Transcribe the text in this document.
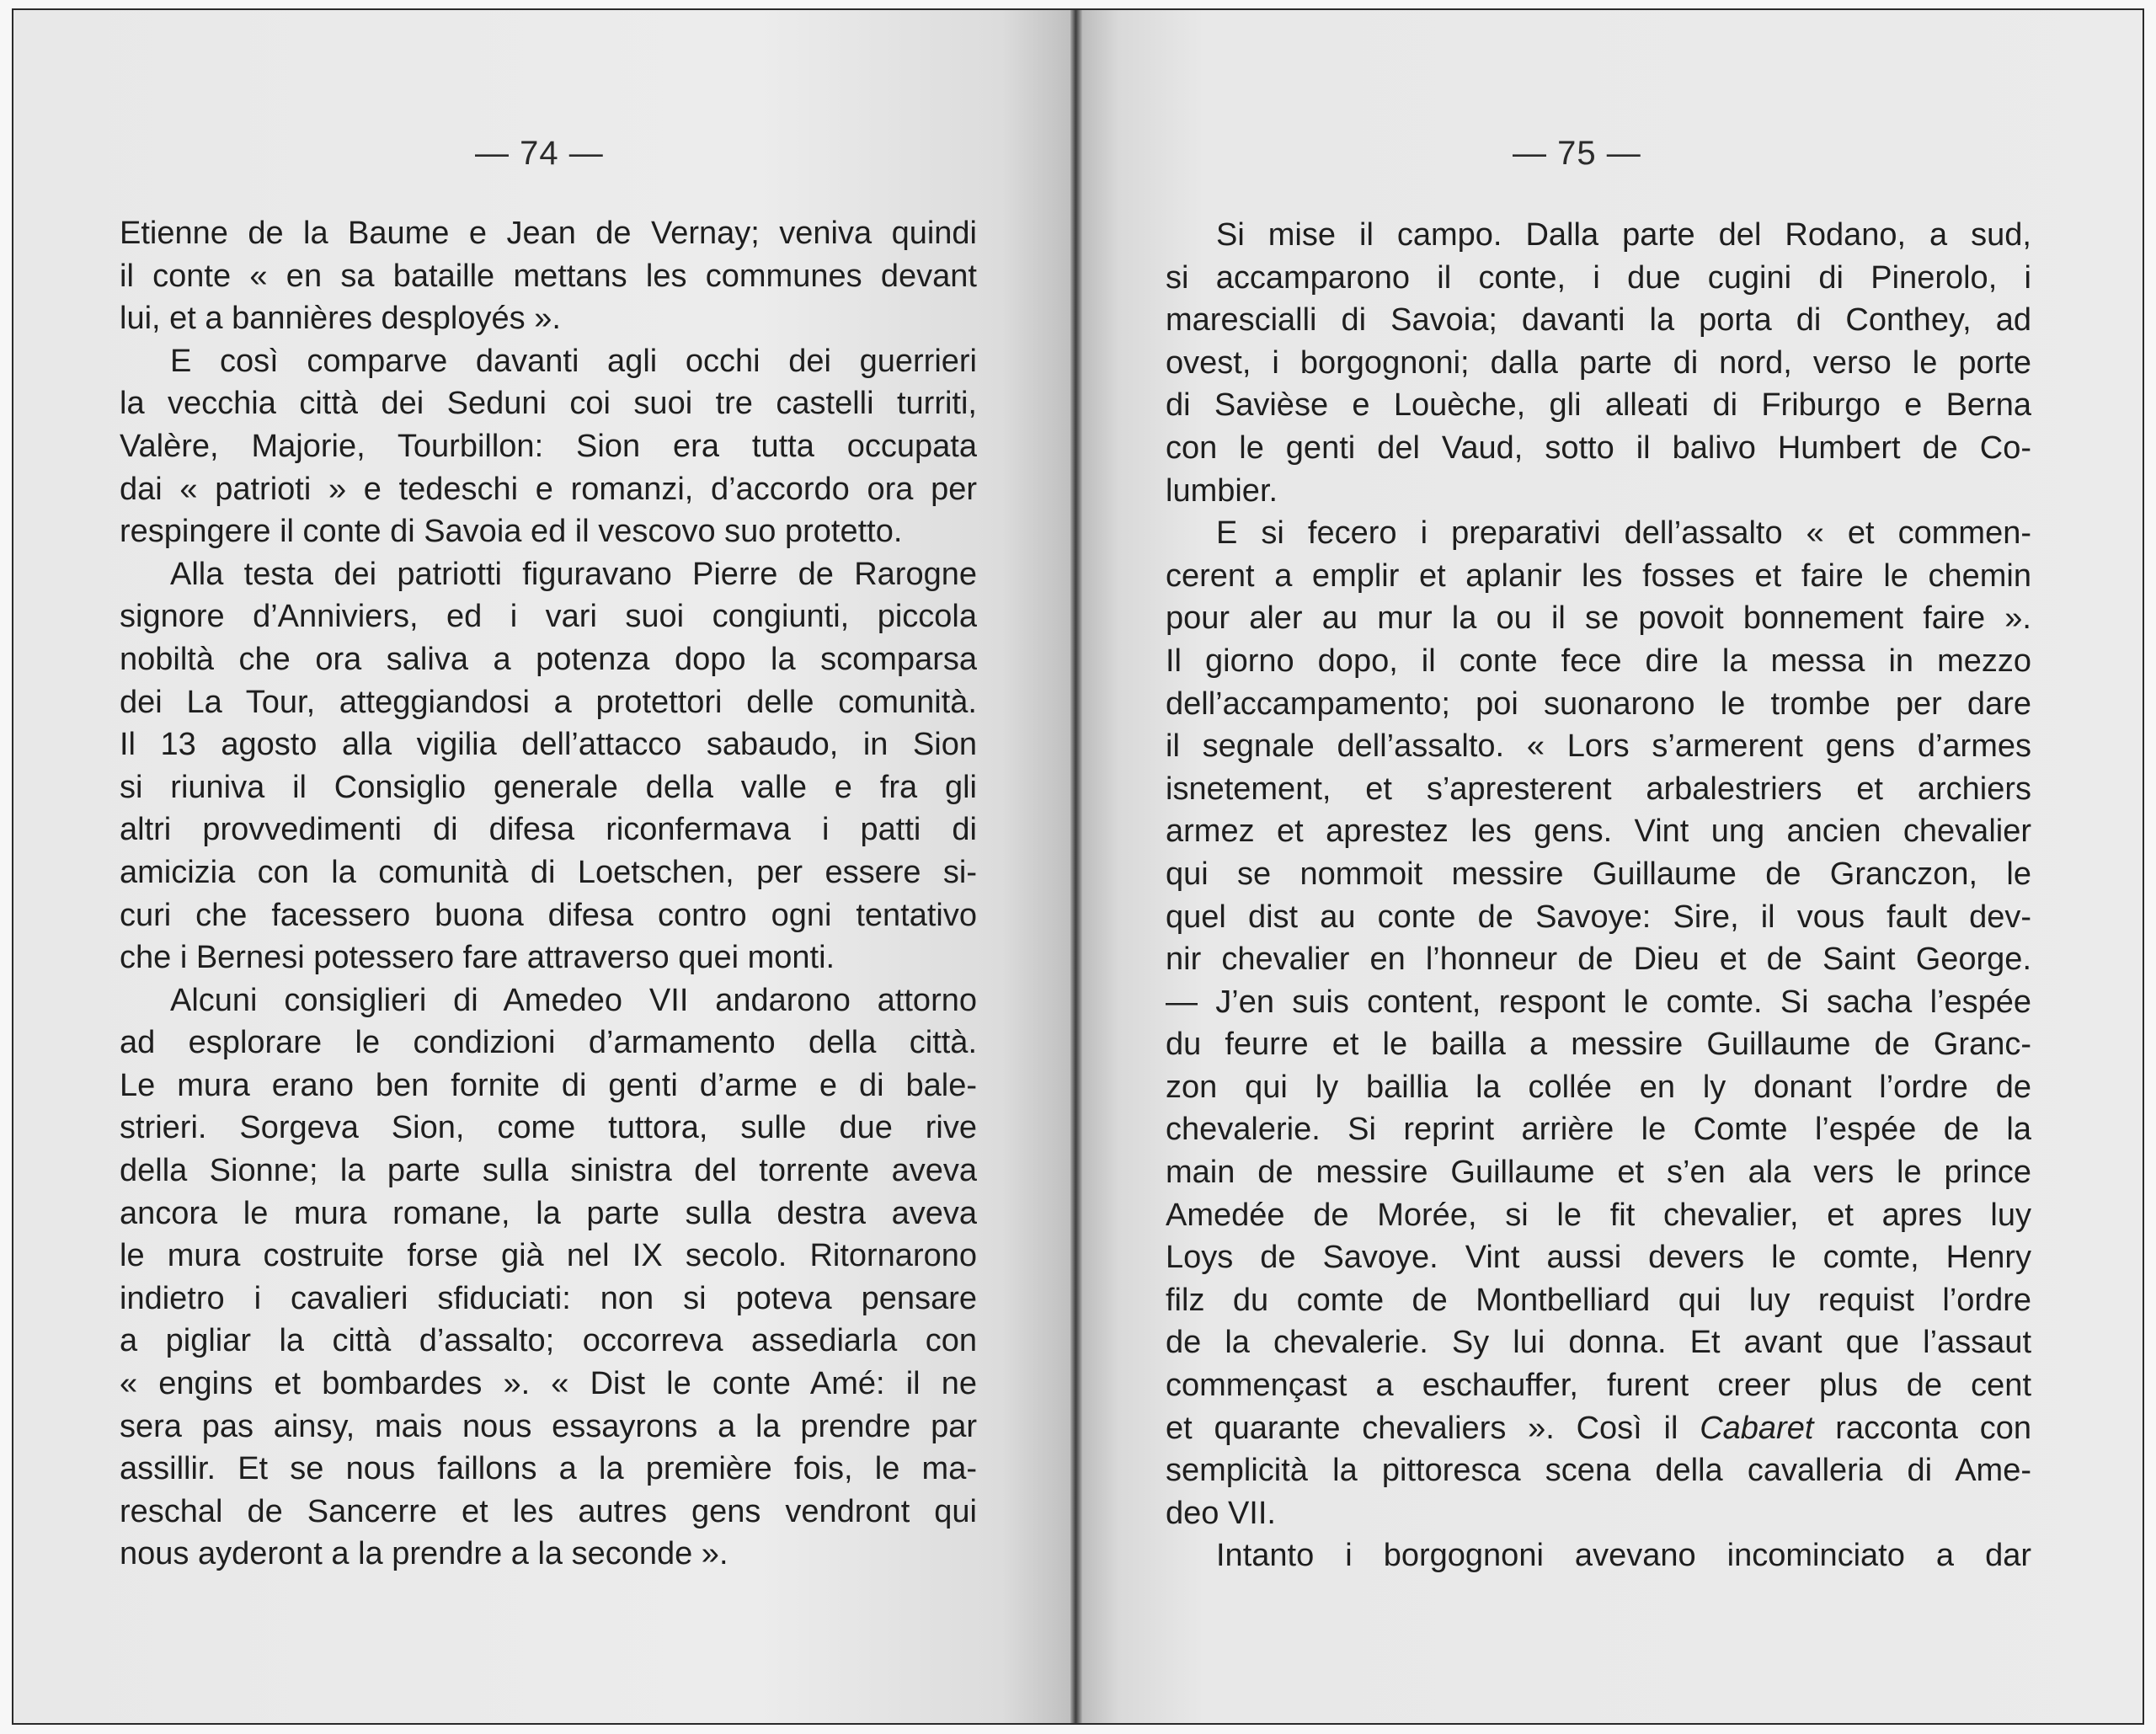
— 74 —
Etienne de la Baume e Jean de Vernay; veniva quindi
il conte « en sa bataille mettans les communes devant
lui, et a bannières desployés ».
E così comparve davanti agli occhi dei guerrieri
la vecchia città dei Seduni coi suoi tre castelli turriti,
Valère, Majorie, Tourbillon: Sion era tutta occupata
dai « patrioti » e tedeschi e romanzi, d’accordo ora per
respingere il conte di Savoia ed il vescovo suo protetto.
Alla testa dei patriotti figuravano Pierre de Rarogne
signore d’Anniviers, ed i vari suoi congiunti, piccola
nobiltà che ora saliva a potenza dopo la scomparsa
dei La Tour, atteggiandosi a protettori delle comunità.
Il 13 agosto alla vigilia dell’attacco sabaudo, in Sion
si riuniva il Consiglio generale della valle e fra gli
altri provvedimenti di difesa riconfermava i patti di
amicizia con la comunità di Loetschen, per essere si-
curi che facessero buona difesa contro ogni tentativo
che i Bernesi potessero fare attraverso quei monti.
Alcuni consiglieri di Amedeo VII andarono attorno
ad esplorare le condizioni d’armamento della città.
Le mura erano ben fornite di genti d’arme e di bale-
strieri. Sorgeva Sion, come tuttora, sulle due rive
della Sionne; la parte sulla sinistra del torrente aveva
ancora le mura romane, la parte sulla destra aveva
le mura costruite forse già nel IX secolo. Ritornarono
indietro i cavalieri sfiduciati: non si poteva pensare
a pigliar la città d’assalto; occorreva assediarla con
« engins et bombardes ». « Dist le conte Amé: il ne
sera pas ainsy, mais nous essayrons a la prendre par
assillir. Et se nous faillons a la première fois, le ma-
reschal de Sancerre et les autres gens vendront qui
nous ayderont a la prendre a la seconde ».
— 75 —
Si mise il campo. Dalla parte del Rodano, a sud,
si accamparono il conte, i due cugini di Pinerolo, i
marescialli di Savoia; davanti la porta di Conthey, ad
ovest, i borgognoni; dalla parte di nord, verso le porte
di Savièse e Louèche, gli alleati di Friburgo e Berna
con le genti del Vaud, sotto il balivo Humbert de Co-
lumbier.
E si fecero i preparativi dell’assalto « et commen-
cerent a emplir et aplanir les fosses et faire le chemin
pour aler au mur la ou il se povoit bonnement faire ».
Il giorno dopo, il conte fece dire la messa in mezzo
dell’accampamento; poi suonarono le trombe per dare
il segnale dell’assalto. « Lors s’armerent gens d’armes
isnetement, et s’apresterent arbalestriers et archiers
armez et aprestez les gens. Vint ung ancien chevalier
qui se nommoit messire Guillaume de Granczon, le
quel dist au conte de Savoye: Sire, il vous fault dev-
nir chevalier en l’honneur de Dieu et de Saint George.
— J’en suis content, respont le comte. Si sacha l’espée
du feurre et le bailla a messire Guillaume de Granc-
zon qui ly baillia la collée en ly donant l’ordre de
chevalerie. Si reprint arrière le Comte l’espée de la
main de messire Guillaume et s’en ala vers le prince
Amedée de Morée, si le fit chevalier, et apres luy
Loys de Savoye. Vint aussi devers le comte, Henry
filz du comte de Montbelliard qui luy requist l’ordre
de la chevalerie. Sy lui donna. Et avant que l’assaut
commençast a eschauffer, furent creer plus de cent
et quarante chevaliers ». Così il Cabaret racconta con
semplicità la pittoresca scena della cavalleria di Ame-
deo VII.
Intanto i borgognoni avevano incominciato a dar
